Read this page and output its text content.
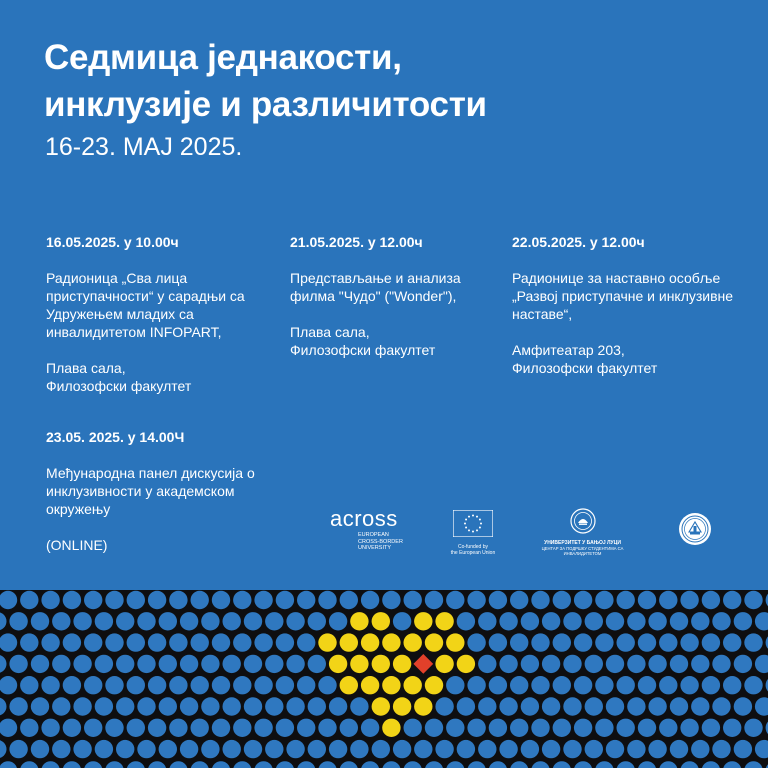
Седмица једнакости,
инклузије и различитости
16-23. MAJ 2025.
16.05.2025. у 10.00ч
Радионица „Сва лица приступачности“ у сарадњи са Удружењем младих са инвалидитетом INFOPART,
Плава сала,
Филозофски факултет
21.05.2025. у 12.00ч
Представљање и анализа филма "Чудо" ("Wonder"),
Плава сала,
Филозофски факултет
22.05.2025. у 12.00ч
Радионице за наставно особље „Развој приступачне и инклузивне наставе“,
Амфитеатар 203,
Филозофски факултет
23.05. 2025. у 14.00Ч
Међународна панел дискусија о инклузивности у академском окружењу
(ONLINE)
across
EUROPEAN
CROSS-BORDER
UNIVERSITY	Co-funded by
the European Union
УНИВЕРЗИТЕТ У БАЊОЈ ЛУЦИ
ЦЕНТАР ЗА ПОДРШКУ СТУДЕНТИМА СА ИНВАЛИДИТЕТОМ
